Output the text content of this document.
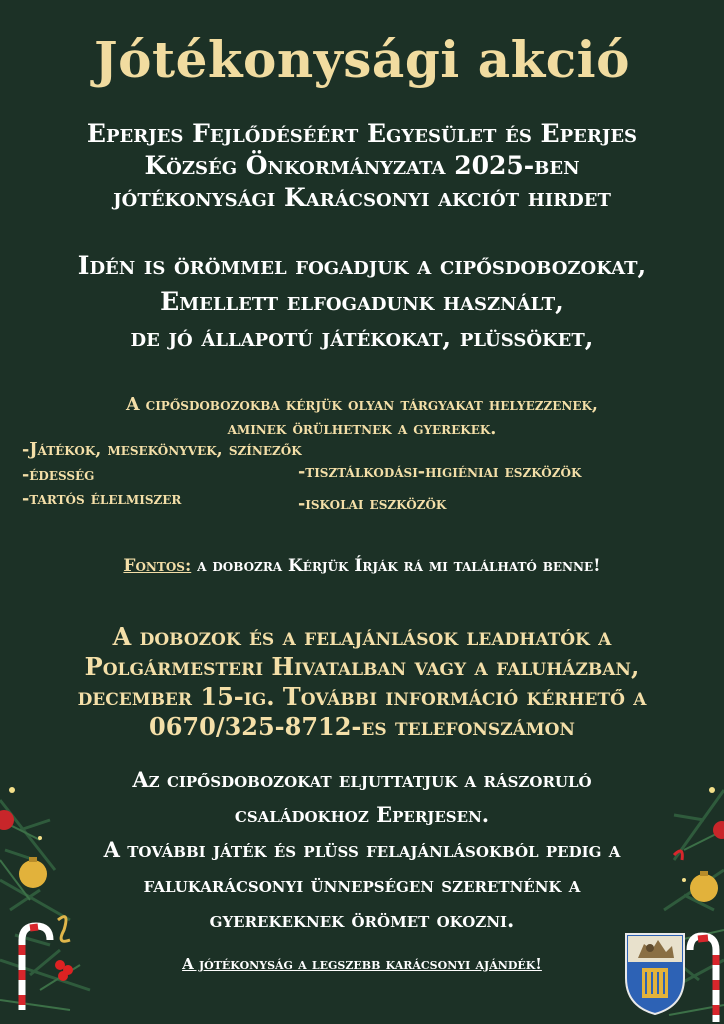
Jótékonysági akció
Eperjes Fejlődéséért Egyesület és Eperjes
Község Önkormányzata 2025-ben
jótékonysági Karácsonyi akciót hirdet
Idén is örömmel fogadjuk a cipősdobozokat,
Emellett elfogadunk használt,
de jó állapotú játékokat, plüssöket,
A cipősdobozokba kérjük olyan tárgyakat helyezzenek,
aminek örülhetnek a gyerekek.
-Játékok, mesekönyvek, színezők
-édesség
-tartós élelmiszer
-tisztálkodási-higiéniai eszközök
-iskolai eszközök
Fontos: a dobozra Kérjük Írják rá mi található benne!
A dobozok és a felajánlások leadhatók a
Polgármesteri Hivatalban vagy a faluházban,
december 15-ig. További információ kérhető a
0670/325-8712-es telefonszámon
Az cipősdobozokat eljuttatjuk a rászoruló
családokhoz Eperjesen.
A további játék és plüss felajánlásokból pedig a
falukarácsonyi ünnepségen szeretnénk a
gyerekeknek örömet okozni.
A jótékonyság a legszebb karácsonyi ajándék!
